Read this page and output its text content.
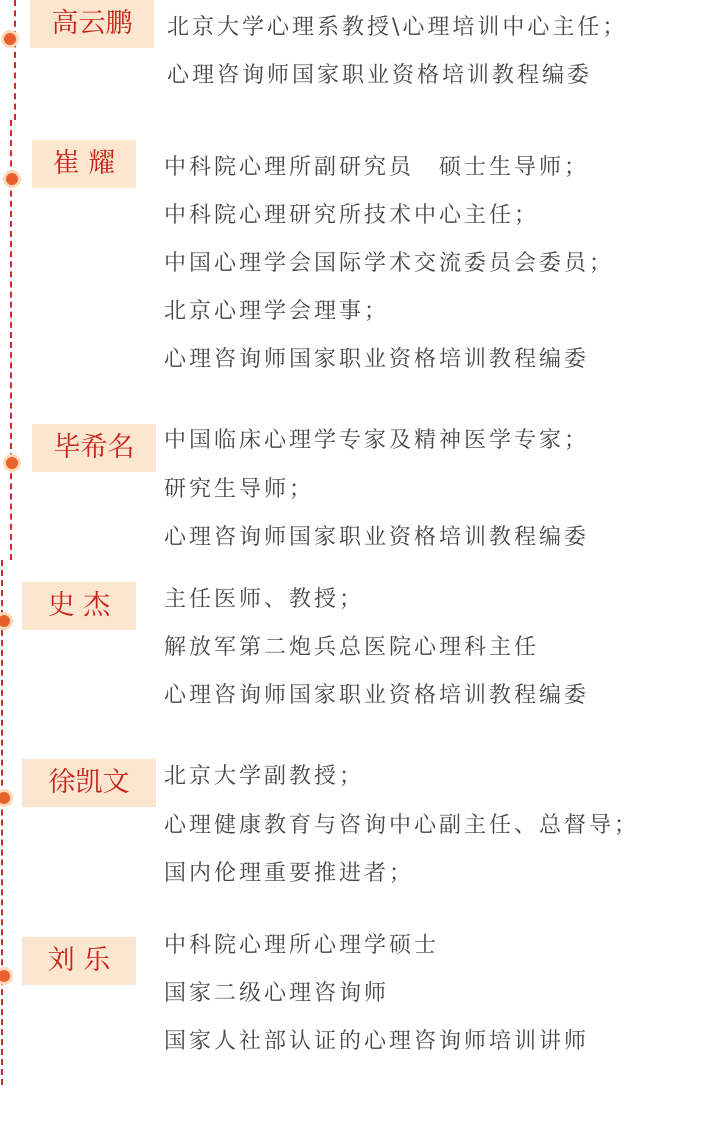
高云鹏	北京大学心理系教授\心理培训中心主任；
心理咨询师国家职业资格培训教程编委
崔 耀	中科院心理所副研究员　硕士生导师；
中科院心理研究所技术中心主任；
中国心理学会国际学术交流委员会委员；
北京心理学会理事；
心理咨询师国家职业资格培训教程编委
毕希名	中国临床心理学专家及精神医学专家；
研究生导师；
心理咨询师国家职业资格培训教程编委
史 杰	主任医师、教授；
解放军第二炮兵总医院心理科主任
心理咨询师国家职业资格培训教程编委
徐凯文	北京大学副教授；
心理健康教育与咨询中心副主任、总督导；
国内伦理重要推进者；
刘 乐	中科院心理所心理学硕士
国家二级心理咨询师
国家人社部认证的心理咨询师培训讲师
